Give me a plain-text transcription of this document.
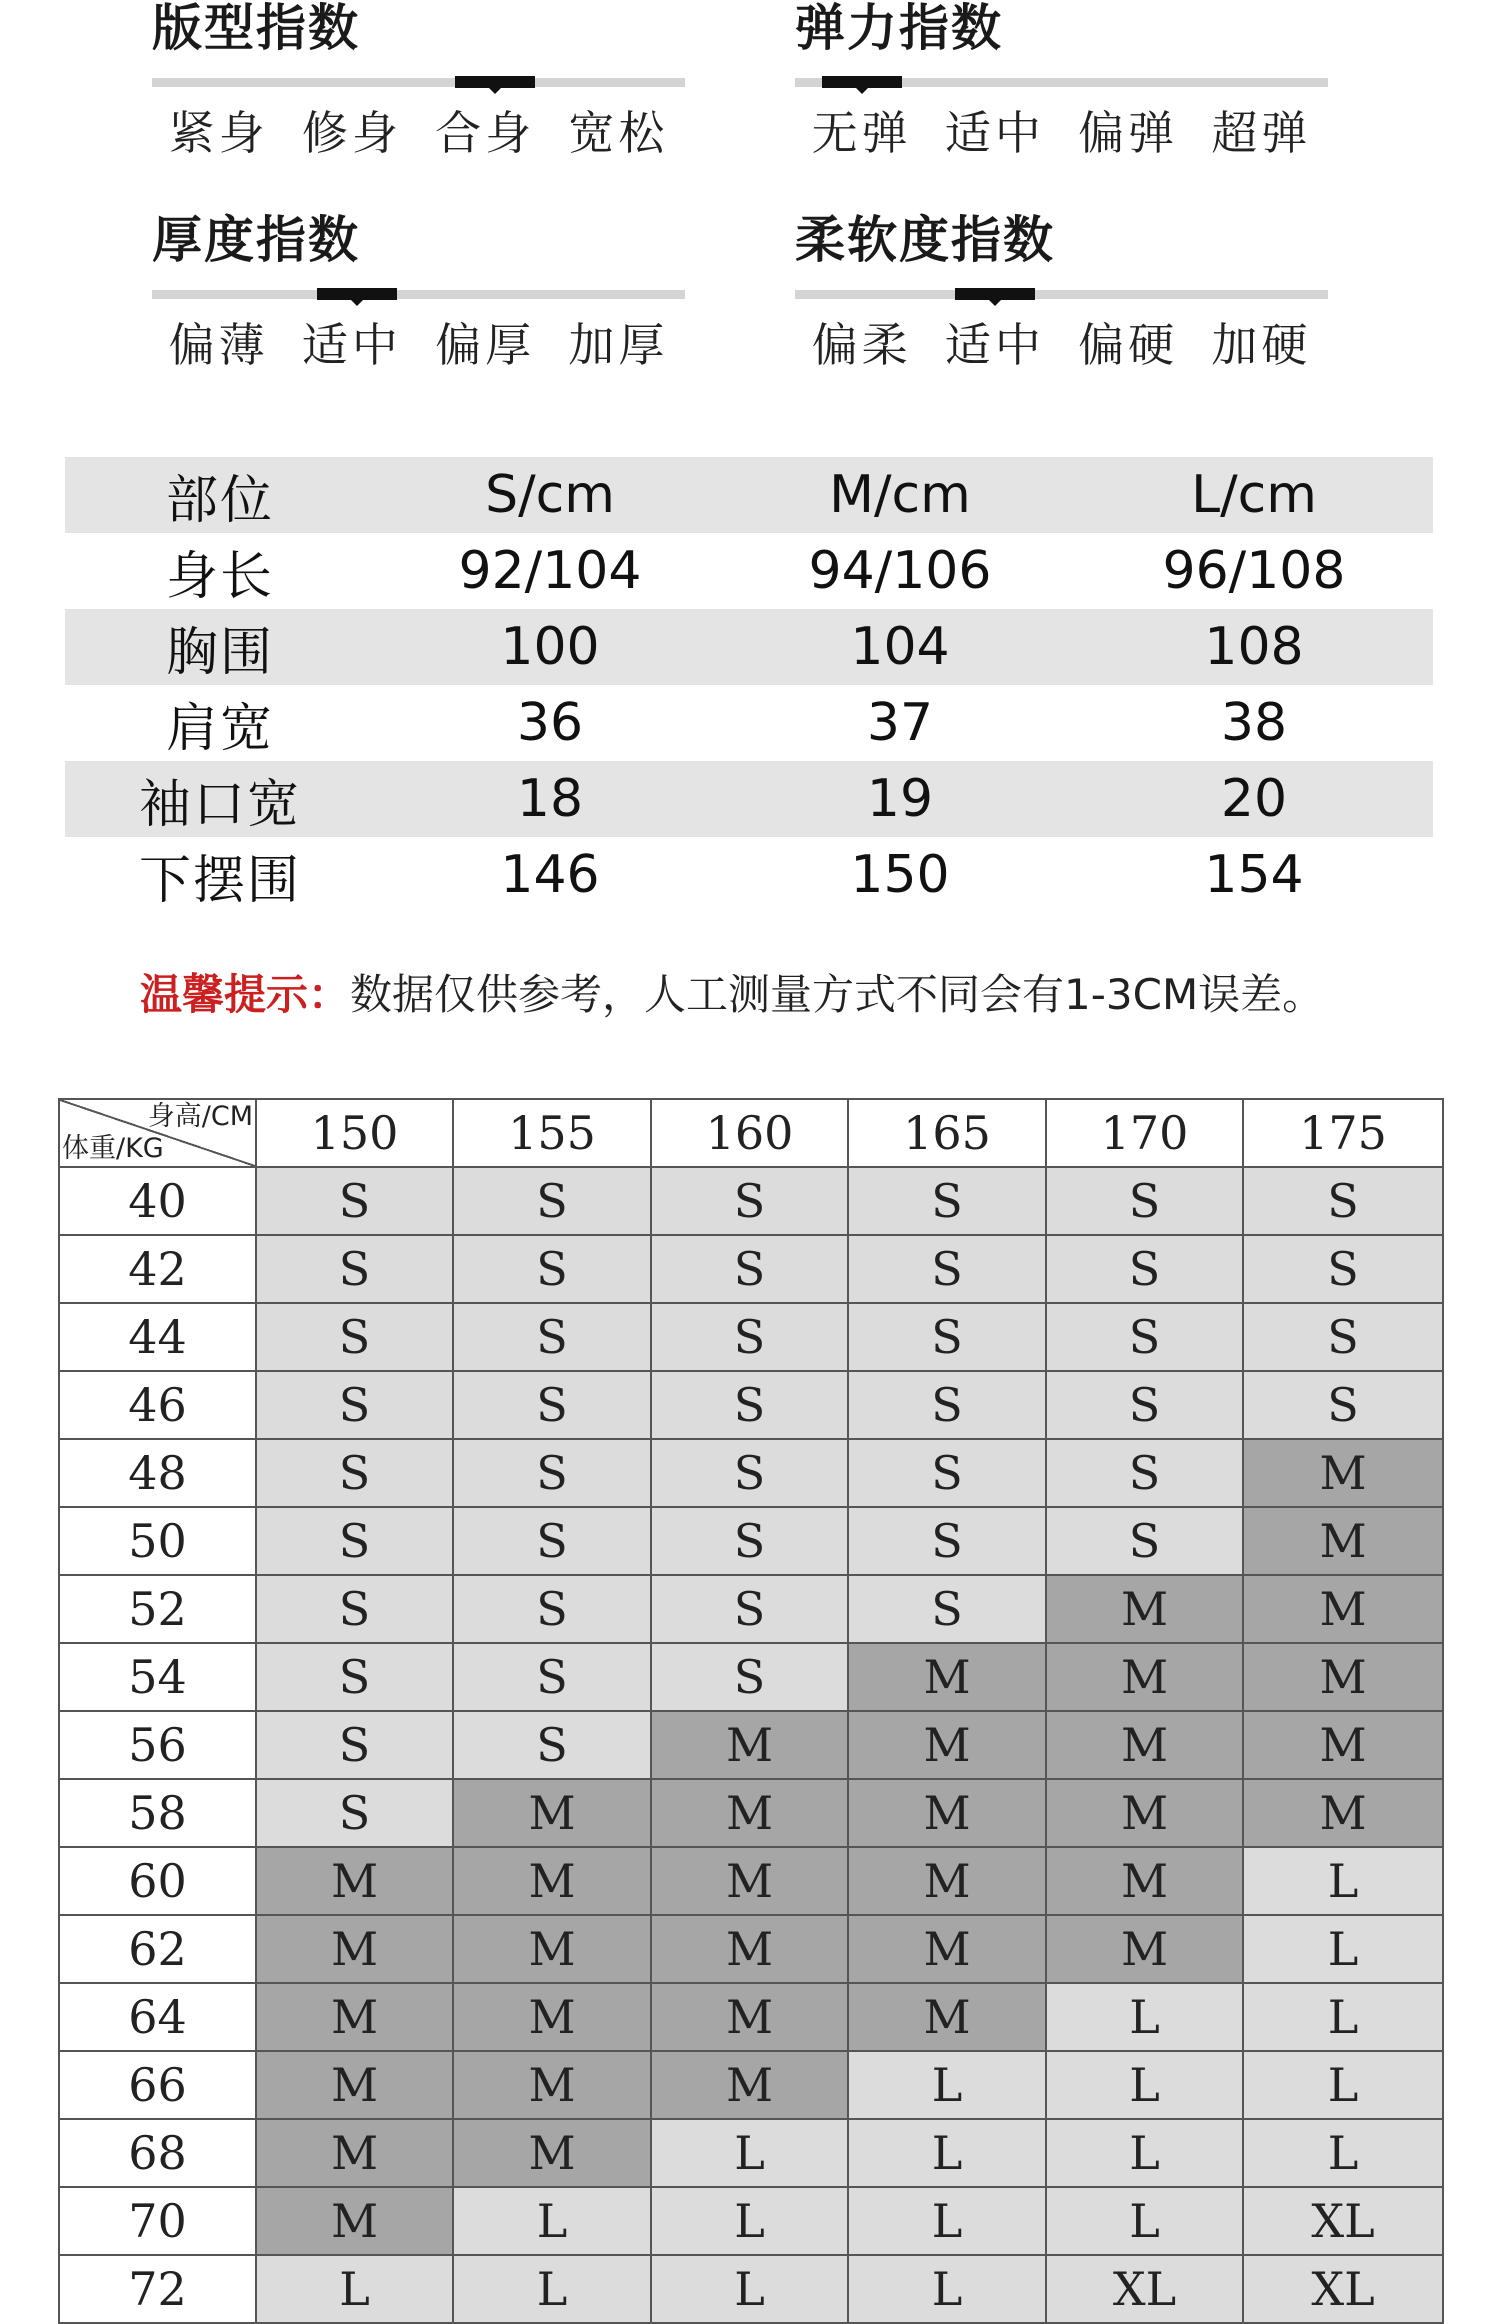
版型指数
紧身 修身 合身 宽松
弹力指数
无弹 适中 偏弹 超弹
厚度指数
偏薄 适中 偏厚 加厚
柔软度指数
偏柔 适中 偏硬 加硬
部位	S/cm	M/cm	L/cm
身长	92/104	94/106	96/108
胸围	100	104	108
肩宽	36	37	38
袖口宽	18	19	20
下摆围	146	150	154
温馨提示：数据仅供参考，人工测量方式不同会有1-3CM误差。
身高/CM
体重/KG	150	155	160	165	170	175
40	S	S	S	S	S	S
42	S	S	S	S	S	S
44	S	S	S	S	S	S
46	S	S	S	S	S	S
48	S	S	S	S	S	M
50	S	S	S	S	S	M
52	S	S	S	S	M	M
54	S	S	S	M	M	M
56	S	S	M	M	M	M
58	S	M	M	M	M	M
60	M	M	M	M	M	L
62	M	M	M	M	M	L
64	M	M	M	M	L	L
66	M	M	M	L	L	L
68	M	M	L	L	L	L
70	M	L	L	L	L	XL
72	L	L	L	L	XL	XL
